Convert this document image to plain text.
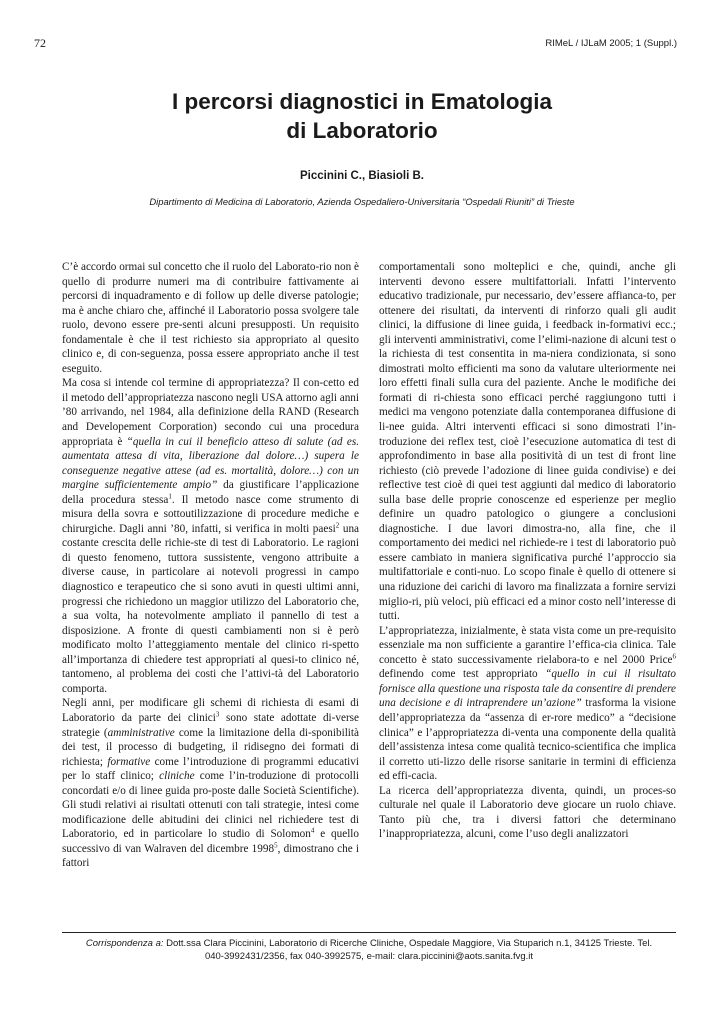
72	RIMeL / IJLaM 2005; 1 (Suppl.)
I percorsi diagnostici in Ematologia
di Laboratorio
Piccinini C., Biasioli B.
Dipartimento di Medicina di Laboratorio, Azienda Ospedaliero-Universitaria “Ospedali Riuniti” di Trieste

C’è accordo ormai sul concetto che il ruolo del Laborato-rio non è quello di produrre numeri ma di contribuire fattivamente ai percorsi di inquadramento e di follow up delle diverse patologie; ma è anche chiaro che, affinché il Laboratorio possa svolgere tale ruolo, devono essere pre-senti alcuni presupposti. Un requisito fondamentale è che il test richiesto sia appropriato al quesito clinico e, di con-seguenza, possa essere appropriato anche il test eseguito.

Ma cosa si intende col termine di appropriatezza? Il con-cetto ed il metodo dell’appropriatezza nascono negli USA attorno agli anni ’80 arrivando, nel 1984, alla definizione della RAND (Research and Developement Corporation) secondo cui una procedura appropriata è “quella in cui il beneficio atteso di salute (ad es. aumentata attesa di vita, liberazione dal dolore…) supera le conseguenze negative attese (ad es. mortalità, dolore…) con un margine sufficientemente ampio” da giustificare l’applicazione della procedura stessa$^1$. Il metodo nasce come strumento di misura della sovra e sottoutilizzazione di procedure mediche e chirurgiche. Dagli anni ’80, infatti, si verifica in molti paesi$^2$ una costante crescita delle richie-ste di test di Laboratorio. Le ragioni di questo fenomeno, tuttora sussistente, vengono attribuite a diverse cause, in particolare ai notevoli progressi in campo diagnostico e terapeutico che si sono avuti in questi ultimi anni, progressi che richiedono un maggior utilizzo del Laboratorio che, a sua volta, ha notevolmente ampliato il pannello di test a disposizione. A fronte di questi cambiamenti non si è però modificato molto l’atteggiamento mentale del clinico ri-spetto all’importanza di chiedere test appropriati al quesi-to clinico né, tantomeno, al problema dei costi che l’attivi-tà del Laboratorio comporta.

Negli anni, per modificare gli schemi di richiesta di esami di Laboratorio da parte dei clinici$^3$ sono state adottate di-verse strategie (amministrative come la limitazione della di-sponibilità dei test, il processo di budgeting, il ridisegno dei formati di richiesta; formative come l’introduzione di programmi educativi per lo staff clinico; cliniche come l’in-troduzione di protocolli concordati e/o di linee guida pro-poste dalle Società Scientifiche). Gli studi relativi ai risultati ottenuti con tali strategie, intesi come modificazione delle abitudini dei clinici nel richiedere test di Laboratorio, ed in particolare lo studio di Solomon$^4$ e quello successivo di van Walraven del dicembre 1998$^5$, dimostrano che i fattori

comportamentali sono molteplici e che, quindi, anche gli interventi devono essere multifattoriali. Infatti l’intervento educativo tradizionale, pur necessario, dev’essere affianca-to, per ottenere dei risultati, da interventi di rinforzo quali gli audit clinici, la diffusione di linee guida, i feedback in-formativi ecc.; gli interventi amministrativi, come l’elimi-nazione di alcuni test o la richiesta di test consentita in ma-niera condizionata, si sono dimostrati molto efficienti ma sono da valutare ulteriormente nei loro effetti finali sulla cura del paziente. Anche le modifiche dei formati di ri-chiesta sono efficaci perché raggiungono tutti i medici ma vengono potenziate dalla contemporanea diffusione di li-nee guida. Altri interventi efficaci si sono dimostrati l’in-troduzione dei reflex test, cioè l’esecuzione automatica di test di approfondimento in base alla positività di un test di front line richiesto (ciò prevede l’adozione di linee guida condivise) e dei reflective test cioè di quei test aggiunti dal medico di laboratorio sulla base delle proprie conoscenze ed esperienze per meglio definire un quadro patologico o giungere a conclusioni diagnostiche. I due lavori dimostra-no, alla fine, che il comportamento dei medici nel richiede-re i test di laboratorio può essere cambiato in maniera significativa purché l’approccio sia multifattoriale e conti-nuo. Lo scopo finale è quello di ottenere si una riduzione dei carichi di lavoro ma finalizzata a fornire servizi miglio-ri, più veloci, più efficaci ed a minor costo nell’interesse di tutti.

L’appropriatezza, inizialmente, è stata vista come un pre-requisito essenziale ma non sufficiente a garantire l’effica-cia clinica. Tale concetto è stato successivamente rielabora-to e nel 2000 Price$^6$ definendo come test appropriato “quello in cui il risultato fornisce alla questione una risposta tale da consentire di prendere una decisione e di intraprendere un’azione” trasforma la visione dell’appropriatezza da “assenza di er-rore medico” a “decisione clinica” e l’appropriatezza di-venta una componente della qualità dell’assistenza intesa come qualità tecnico-scientifica che implica il corretto uti-lizzo delle risorse sanitarie in termini di efficienza ed effi-cacia.

La ricerca dell’appropriatezza diventa, quindi, un proces-so culturale nel quale il Laboratorio deve giocare un ruolo chiave. Tanto più che, tra i diversi fattori che determinano l’inappropriatezza, alcuni, come l’uso degli analizzatori

Corrispondenza a: Dott.ssa Clara Piccinini, Laboratorio di Ricerche Cliniche, Ospedale Maggiore, Via Stuparich n.1, 34125 Trieste. Tel.
040-3992431/2356, fax 040-3992575, e-mail: clara.piccinini@aots.sanita.fvg.it
